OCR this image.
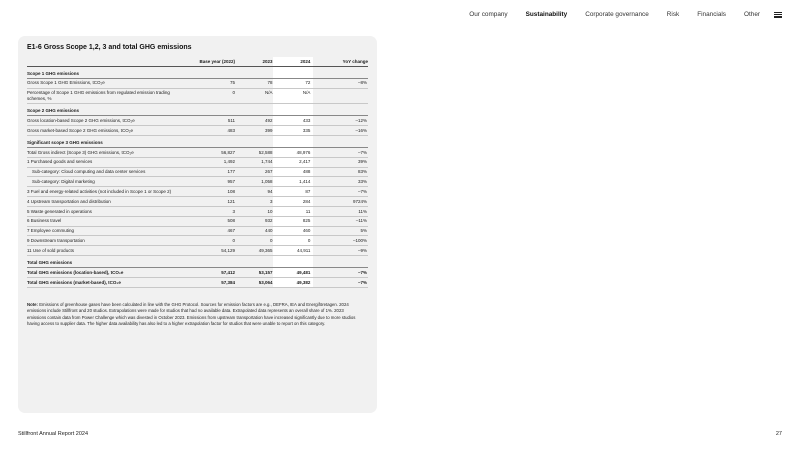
Our company	Sustainability	Corporate governance	Risk	Financials	Other
E1-6 Gross Scope 1,2, 3 and total GHG emissions
	Base year (2022)	2023	2024	YoY change
Scope 1 GHG emissions				
Gross Scope 1 GHG Emissions, tCO₂e	75	78	72	–8%
Percentage of Scope 1 GHG emissions from regulated emission trading schemes, %	0	N/A	N/A	
Scope 2 GHG emissions				
Gross location-based Scope 2 GHG emissions, tCO₂e	511	492	433	–12%
Gross market-based Scope 2 GHG emissions, tCO₂e	483	399	335	–16%
Significant scope 3 GHG emissions				
Total Gross indirect (Scope 3) GHG emissions, tCO₂e	56,827	52,588	48,976	–7%
1 Purchased goods and services	1,492	1,744	2,417	39%
Sub-category: Cloud computing and data center services	177	267	488	83%
Sub-category: Digital marketing	957	1,058	1,414	33%
3 Fuel and energy-related activities (not included in Scope 1 or Scope 2)	108	94	87	–7%
4 Upstream transportation and distribution	121	3	284	9724%
5 Waste generated in operations	3	10	11	11%
6 Business travel	508	932	825	–11%
7 Employee commuting	467	440	460	5%
9 Downstream transportation	0	0	0	–100%
11 Use of sold products	54,129	49,365	44,911	–9%
Total GHG emissions				
Total GHG emissions (location-based), tCO₂e	57,412	53,157	49,481	–7%
Total GHG emissions (market-based), tCO₂e	57,384	53,064	49,382	–7%

Note: Emissions of greenhouse gases have been calculated in line with the GHG Protocol. Sources for emission factors are e.g., DEFRA, IEA and Energiföretagen. 2024 emissions include Stillfront and 20 studios. Extrapolations were made for studios that had no available data. Extrapolated data represents an overall share of 1%. 2023 emissions contain data from Power Challenge which was divested in October 2023. Emissions from upstream transportation have increased significantly due to more studios having access to supplier data. The higher data availability has also led to a higher extrapolation factor for studios that were unable to report on this category.

Stillfront Annual Report 2024	27
